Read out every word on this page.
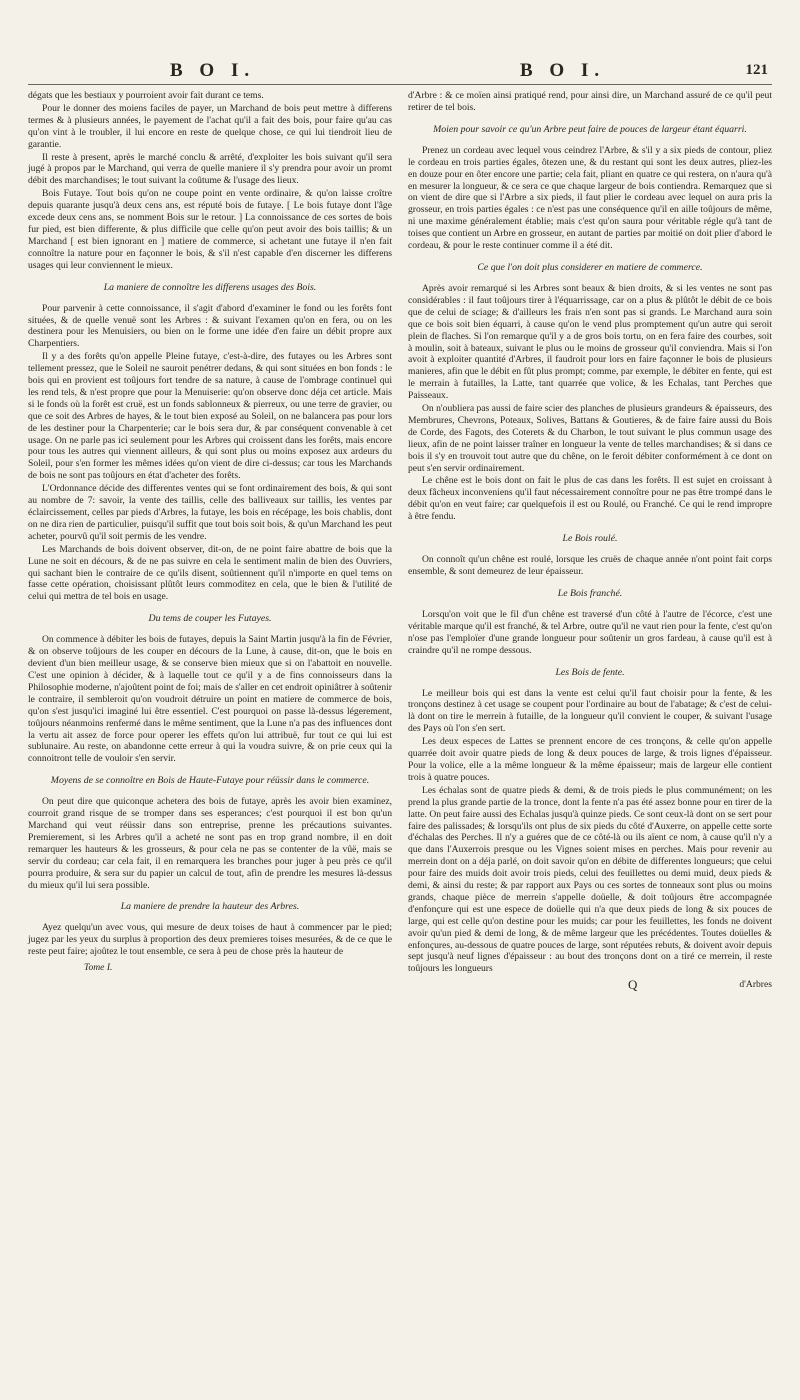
B O I.	B O I.	121

dégats que les bestiaux y pourroient avoir fait durant ce tems.

Pour le donner des moiens faciles de payer, un Marchand de bois peut mettre à differens termes & à plusieurs années, le payement de l'achat qu'il a fait des bois, pour faire qu'au cas qu'on vint à le troubler, il lui encore en reste de quelque chose, ce qui lui tiendroit lieu de garantie.

Il reste à present, après le marché conclu & arrêté, d'exploiter les bois suivant qu'il sera jugé à propos par le Marchand, qui verra de quelle maniere il s'y prendra pour avoir un promt débit des marchandises; le tout suivant la coûtume & l'usage des lieux.

Bois Futaye. Tout bois qu'on ne coupe point en vente ordinaire, & qu'on laisse croître depuis quarante jusqu'à deux cens ans, est réputé bois de futaye. [ Le bois futaye dont l'âge excede deux cens ans, se nomment Bois sur le retour. ] La connoissance de ces sortes de bois fur pied, est bien differente, & plus difficile que celle qu'on peut avoir des bois taillis; & un Marchand [ est bien ignorant en ] matiere de commerce, si achetant une futaye il n'en fait connoître la nature pour en façonner le bois, & s'il n'est capable d'en discerner les differens usages qui leur conviennent le mieux.

La maniere de connoître les differens usages des Bois.

Pour parvenir à cette connoissance, il s'agit d'abord d'examiner le fond ou les forêts font situées, & de quelle venuë sont les Arbres : & suivant l'examen qu'on en fera, ou on les destinera pour les Menuisiers, ou bien on le forme une idée d'en faire un débit propre aux Charpentiers.

Il y a des forêts qu'on appelle Pleine futaye, c'est-à-dire, des futayes ou les Arbres sont tellement pressez, que le Soleil ne sauroit penétrer dedans, & qui sont situées en bon fonds : le bois qui en provient est toûjours fort tendre de sa nature, à cause de l'ombrage continuel qui les rend tels, & n'est propre que pour la Menuiserie: qu'on observe donc déja cet article. Mais si le fonds où la forêt est cruë, est un fonds sablonneux & pierreux, ou une terre de gravier, ou que ce soit des Arbres de hayes, & le tout bien exposé au Soleil, on ne balancera pas pour lors de les destiner pour la Charpenterie; car le bois sera dur, & par conséquent convenable à cet usage. On ne parle pas ici seulement pour les Arbres qui croissent dans les forêts, mais encore pour tous les autres qui viennent ailleurs, & qui sont plus ou moins exposez aux ardeurs du Soleil, pour s'en former les mêmes idées qu'on vient de dire ci-dessus; car tous les Marchands de bois ne sont pas toûjours en état d'acheter des forêts.

L'Ordonnance décide des differentes ventes qui se font ordinairement des bois, & qui sont au nombre de 7: savoir, la vente des taillis, celle des balliveaux sur taillis, les ventes par éclaircissement, celles par pieds d'Arbres, la futaye, les bois en récépage, les bois chablis, dont on ne dira rien de particulier, puisqu'il suffit que tout bois soit bois, & qu'un Marchand les peut acheter, pourvû qu'il soit permis de les vendre.

Les Marchands de bois doivent observer, dit-on, de ne point faire abattre de bois que la Lune ne soit en décours, & de ne pas suivre en cela le sentiment malin de bien des Ouvriers, qui sachant bien le contraire de ce qu'ils disent, soûtiennent qu'il n'importe en quel tems on fasse cette opération, choisissant plûtôt leurs commoditez en cela, que le bien & l'utilité de celui qui mettra de tel bois en usage.

Du tems de couper les Futayes.

On commence à débiter les bois de futayes, depuis la Saint Martin jusqu'à la fin de Février, & on observe toûjours de les couper en décours de la Lune, à cause, dit-on, que le bois en devient d'un bien meilleur usage, & se conserve bien mieux que si on l'abattoit en nouvelle. C'est une opinion à décider, & à laquelle tout ce qu'il y a de fins connoisseurs dans la Philosophie moderne, n'ajoûtent point de foi; mais de s'aller en cet endroit opiniâtrer à soûtenir le contraire, il sembleroit qu'on voudroit détruire un point en matiere de commerce de bois, qu'on s'est jusqu'ici imaginé lui être essentiel. C'est pourquoi on passe là-dessus légerement, toûjours néanmoins renfermé dans le même sentiment, que la Lune n'a pas des influences dont la vertu ait assez de force pour operer les effets qu'on lui attribuë, fur tout ce qui lui est sublunaire. Au reste, on abandonne cette erreur à qui la voudra suivre, & on prie ceux qui la connoitront telle de vouloir s'en servir.

Moyens de se connoître en Bois de Haute-Futaye pour réüssir dans le commerce.

On peut dire que quiconque achetera des bois de futaye, après les avoir bien examinez, courroit grand risque de se tromper dans ses esperances; c'est pourquoi il est bon qu'un Marchand qui veut réüssir dans son entreprise, prenne les précautions suivantes. Premierement, si les Arbres qu'il a acheté ne sont pas en trop grand nombre, il en doit remarquer les hauteurs & les grosseurs, & pour cela ne pas se contenter de la vûë, mais se servir du cordeau; car cela fait, il en remarquera les branches pour juger à peu près ce qu'il pourra produire, & sera sur du papier un calcul de tout, afin de prendre les mesures là-dessus du mieux qu'il lui sera possible.

La maniere de prendre la hauteur des Arbres.

Ayez quelqu'un avec vous, qui mesure de deux toises de haut à commencer par le pied; jugez par les yeux du surplus à proportion des deux premieres toises mesurées, & de ce que le reste peut faire; ajoûtez le tout ensemble, ce sera à peu de chose près la hauteur de

Tome I.

d'Arbre : & ce moïen ainsi pratiqué rend, pour ainsi dire, un Marchand assuré de ce qu'il peut retirer de tel bois.

Moien pour savoir ce qu'un Arbre peut faire de pouces de largeur étant équarri.

Prenez un cordeau avec lequel vous ceindrez l'Arbre, & s'il y a six pieds de contour, pliez le cordeau en trois parties égales, ôtezen une, & du restant qui sont les deux autres, pliez-les en douze pour en ôter encore une partie; cela fait, pliant en quatre ce qui restera, on n'aura qu'à en mesurer la longueur, & ce sera ce que chaque largeur de bois contiendra. Remarquez que si on vient de dire que si l'Arbre a six pieds, il faut plier le cordeau avec lequel on aura pris la grosseur, en trois parties égales : ce n'est pas une conséquence qu'il en aille toûjours de même, ni une maxime généralement établie; mais c'est qu'on saura pour véritable régle qu'à tant de toises que contient un Arbre en grosseur, en autant de parties par moitié on doit plier d'abord le cordeau, & pour le reste continuer comme il a été dit.

Ce que l'on doit plus considerer en matiere de commerce.

Après avoir remarqué si les Arbres sont beaux & bien droits, & si les ventes ne sont pas considérables : il faut toûjours tirer à l'équarrissage, car on a plus & plûtôt le débit de ce bois que de celui de sciage; & d'ailleurs les frais n'en sont pas si grands. Le Marchand aura soin que ce bois soit bien équarri, à cause qu'on le vend plus promptement qu'un autre qui seroit plein de flaches. Si l'on remarque qu'il y a de gros bois tortu, on en fera faire des courbes, soit à moulin, soit à bateaux, suivant le plus ou le moins de grosseur qu'il conviendra. Mais si l'on avoit à exploiter quantité d'Arbres, il faudroit pour lors en faire façonner le bois de plusieurs manieres, afin que le débit en fût plus prompt; comme, par exemple, le débiter en fente, qui est le merrain à futailles, la Latte, tant quarrée que volice, & les Echalas, tant Perches que Paisseaux.

On n'oubliera pas aussi de faire scier des planches de plusieurs grandeurs & épaisseurs, des Membrures, Chevrons, Poteaux, Solives, Battans & Goutieres, & de faire faire aussi du Bois de Corde, des Fagots, des Coterets & du Charbon, le tout suivant le plus commun usage des lieux, afin de ne point laisser traîner en longueur la vente de telles marchandises; & si dans ce bois il s'y en trouvoit tout autre que du chêne, on le feroit débiter conformément à ce dont on peut s'en servir ordinairement.

Le chêne est le bois dont on fait le plus de cas dans les forêts. Il est sujet en croissant à deux fâcheux inconveniens qu'il faut nécessairement connoître pour ne pas être trompé dans le débit qu'on en veut faire; car quelquefois il est ou Roulé, ou Franché. Ce qui le rend impropre à être fendu.

Le Bois roulé.

On connoît qu'un chêne est roulé, lorsque les cruës de chaque année n'ont point fait corps ensemble, & sont demeurez de leur épaisseur.

Le Bois franché.

Lorsqu'on voit que le fil d'un chêne est traversé d'un côté à l'autre de l'écorce, c'est une véritable marque qu'il est franché, & tel Arbre, outre qu'il ne vaut rien pour la fente, c'est qu'on n'ose pas l'emploïer d'une grande longueur pour soûtenir un gros fardeau, à cause qu'il est à craindre qu'il ne rompe dessous.

Les Bois de fente.

Le meilleur bois qui est dans la vente est celui qu'il faut choisir pour la fente, & les tronçons destinez à cet usage se coupent pour l'ordinaire au bout de l'abatage; & c'est de celui-là dont on tire le merrein à futaille, de la longueur qu'il convient le couper, & suivant l'usage des Pays où l'on s'en sert.

Les deux especes de Lattes se prennent encore de ces tronçons, & celle qu'on appelle quarrée doit avoir quatre pieds de long & deux pouces de large, & trois lignes d'épaisseur. Pour la volice, elle a la même longueur & la même épaisseur; mais de largeur elle contient trois à quatre pouces.

Les échalas sont de quatre pieds & demi, & de trois pieds le plus communément; on les prend la plus grande partie de la tronce, dont la fente n'a pas été assez bonne pour en tirer de la latte. On peut faire aussi des Echalas jusqu'à quinze pieds. Ce sont ceux-là dont on se sert pour faire des palissades; & lorsqu'ils ont plus de six pieds du côté d'Auxerre, on appelle cette sorte d'échalas des Perches. Il n'y a guéres que de ce côté-là ou ils aïent ce nom, à cause qu'il n'y a que dans l'Auxerrois presque ou les Vignes soient mises en perches. Mais pour revenir au merrein dont on a déja parlé, on doit savoir qu'on en débite de differentes longueurs; que celui pour faire des muids doit avoir trois pieds, celui des feuillettes ou demi muid, deux pieds & demi, & ainsi du reste; & par rapport aux Pays ou ces sortes de tonneaux sont plus ou moins grands, chaque pièce de merrein s'appelle doüelle, & doit toûjours être accompagnée d'enfonçure qui est une espece de doüelle qui n'a que deux pieds de long & six pouces de large, qui est celle qu'on destine pour les muids; car pour les feuillettes, les fonds ne doivent avoir qu'un pied & demi de long, & de même largeur que les précédentes. Toutes doüelles & enfonçures, au-dessous de quatre pouces de large, sont réputées rebuts, & doivent avoir depuis sept jusqu'à neuf lignes d'épaisseur : au bout des tronçons dont on a tiré ce merrein, il reste toûjours les longueurs

Q	d'Arbres
